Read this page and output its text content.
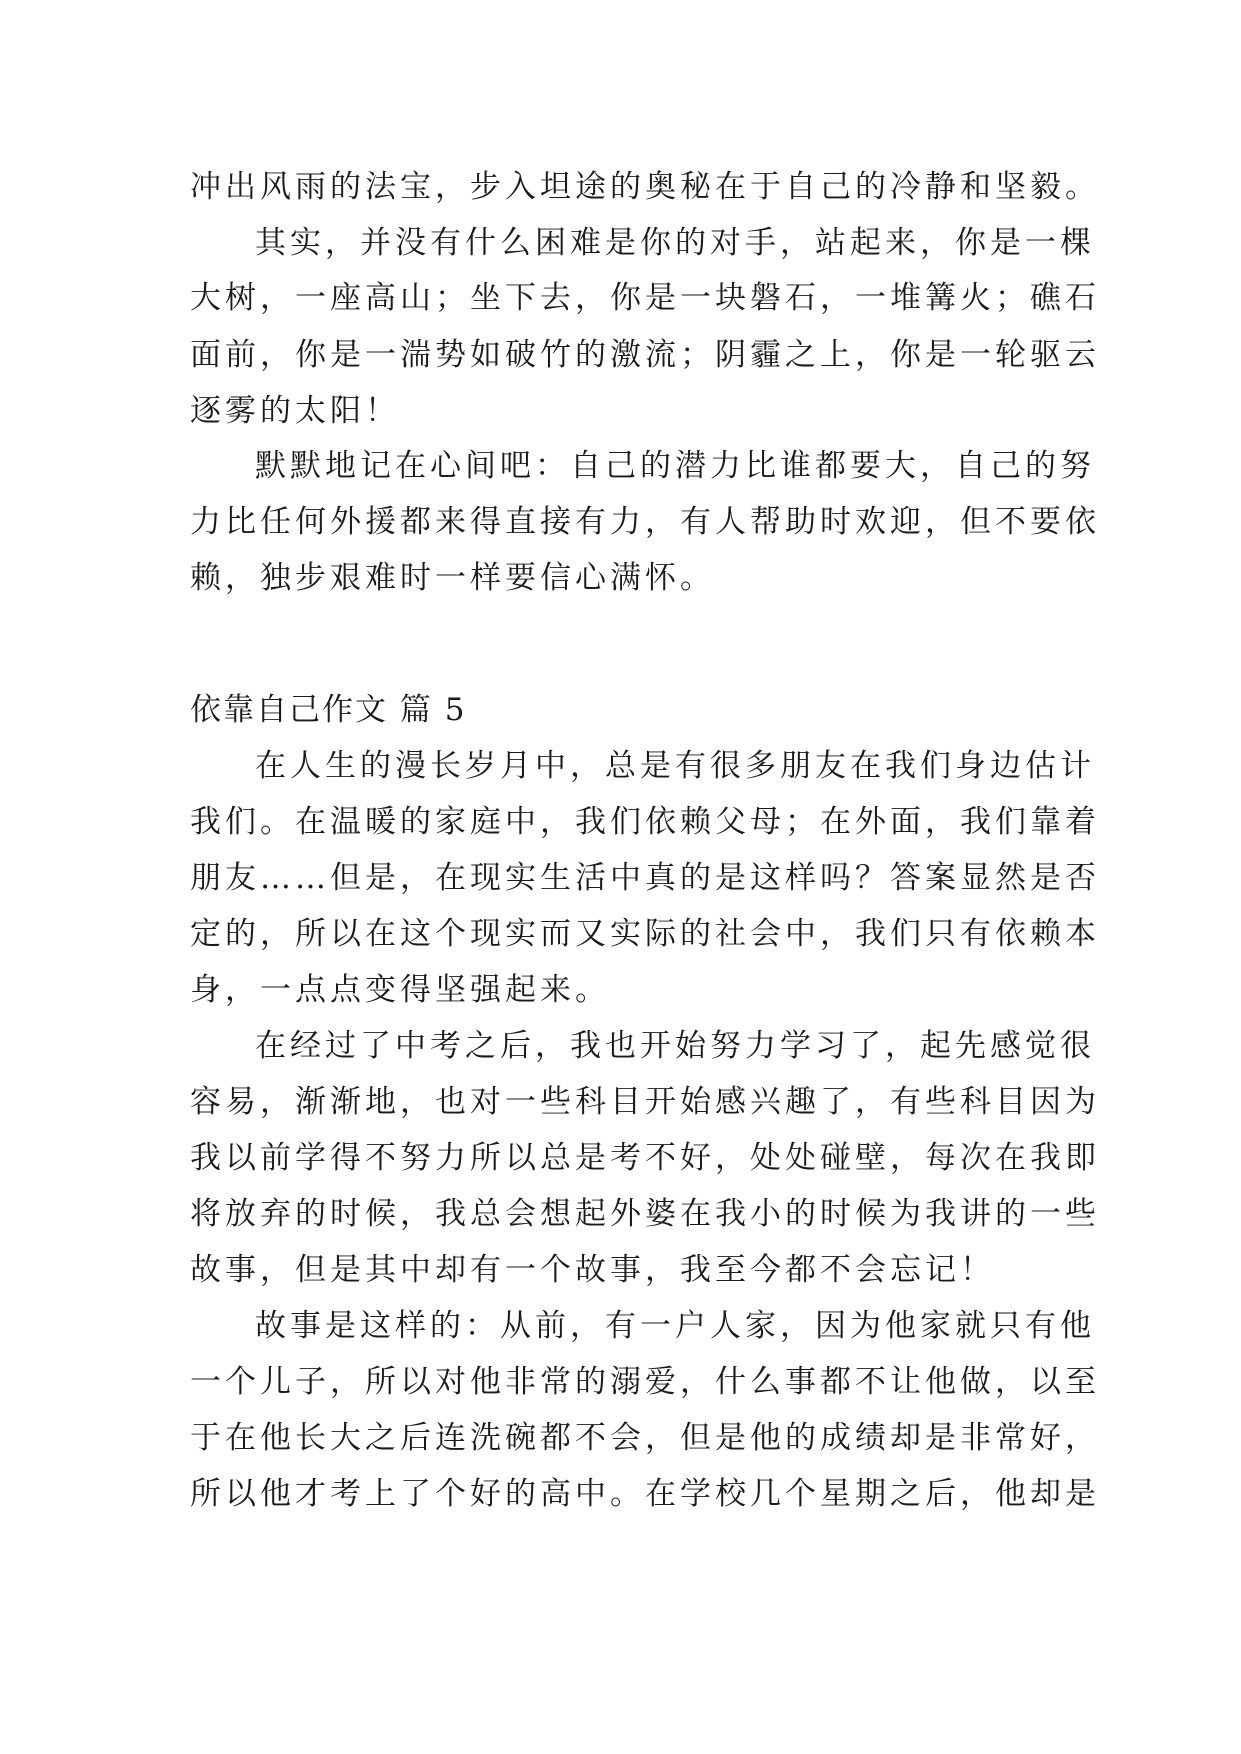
冲出风雨的法宝，步入坦途的奥秘在于自己的冷静和坚毅。
其实，并没有什么困难是你的对手，站起来，你是一棵
大树，一座高山；坐下去，你是一块磐石，一堆篝火；礁石
面前，你是一湍势如破竹的激流；阴霾之上，你是一轮驱云
逐雾的太阳！
默默地记在心间吧：自己的潜力比谁都要大，自己的努
力比任何外援都来得直接有力，有人帮助时欢迎，但不要依
赖，独步艰难时一样要信心满怀。
依靠自己作文 篇 5
在人生的漫长岁月中，总是有很多朋友在我们身边估计
我们。在温暖的家庭中，我们依赖父母；在外面，我们靠着
朋友……但是，在现实生活中真的是这样吗？答案显然是否
定的，所以在这个现实而又实际的社会中，我们只有依赖本
身，一点点变得坚强起来。
在经过了中考之后，我也开始努力学习了，起先感觉很
容易，渐渐地，也对一些科目开始感兴趣了，有些科目因为
我以前学得不努力所以总是考不好，处处碰壁，每次在我即
将放弃的时候，我总会想起外婆在我小的时候为我讲的一些
故事，但是其中却有一个故事，我至今都不会忘记！
故事是这样的：从前，有一户人家，因为他家就只有他
一个儿子，所以对他非常的溺爱，什么事都不让他做，以至
于在他长大之后连洗碗都不会，但是他的成绩却是非常好，
所以他才考上了个好的高中。在学校几个星期之后，他却是
